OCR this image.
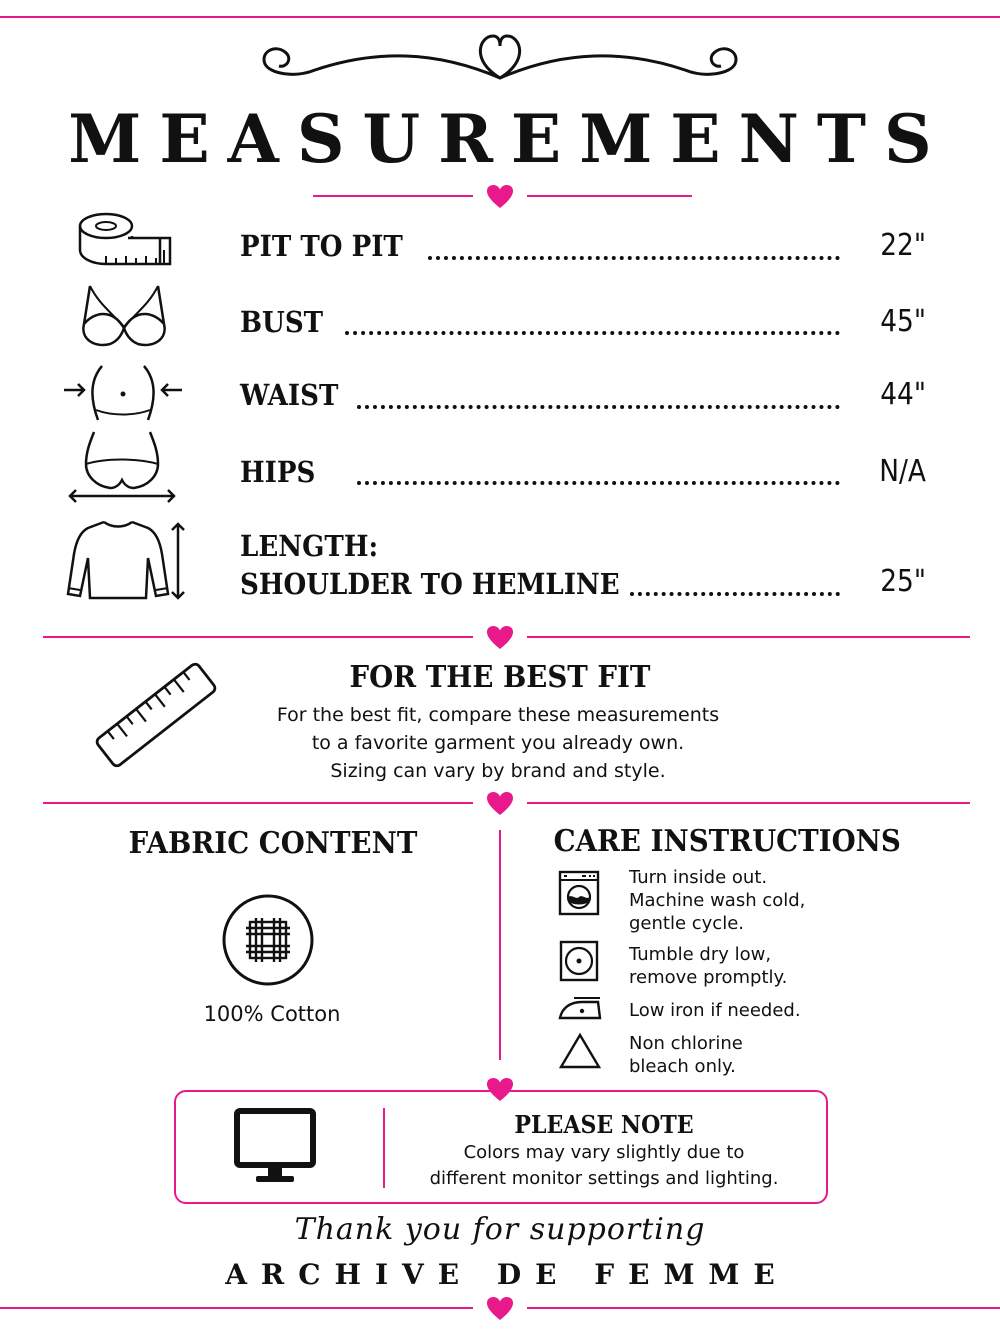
MEASUREMENTS
PIT TO PIT	22"
BUST	45"
WAIST	44"
HIPS	N/A
LENGTH:
SHOULDER TO HEMLINE	25"
FOR THE BEST FIT
For the best fit, compare these measurements
to a favorite garment you already own.
Sizing can vary by brand and style.
FABRIC CONTENT
100% Cotton
CARE INSTRUCTIONS
Turn inside out.
Machine wash cold,
gentle cycle.
Tumble dry low,
remove promptly.
Low iron if needed.
Non chlorine
bleach only.
PLEASE NOTE
Colors may vary slightly due to
different monitor settings and lighting.
Thank you for supporting
ARCHIVE DE FEMME
